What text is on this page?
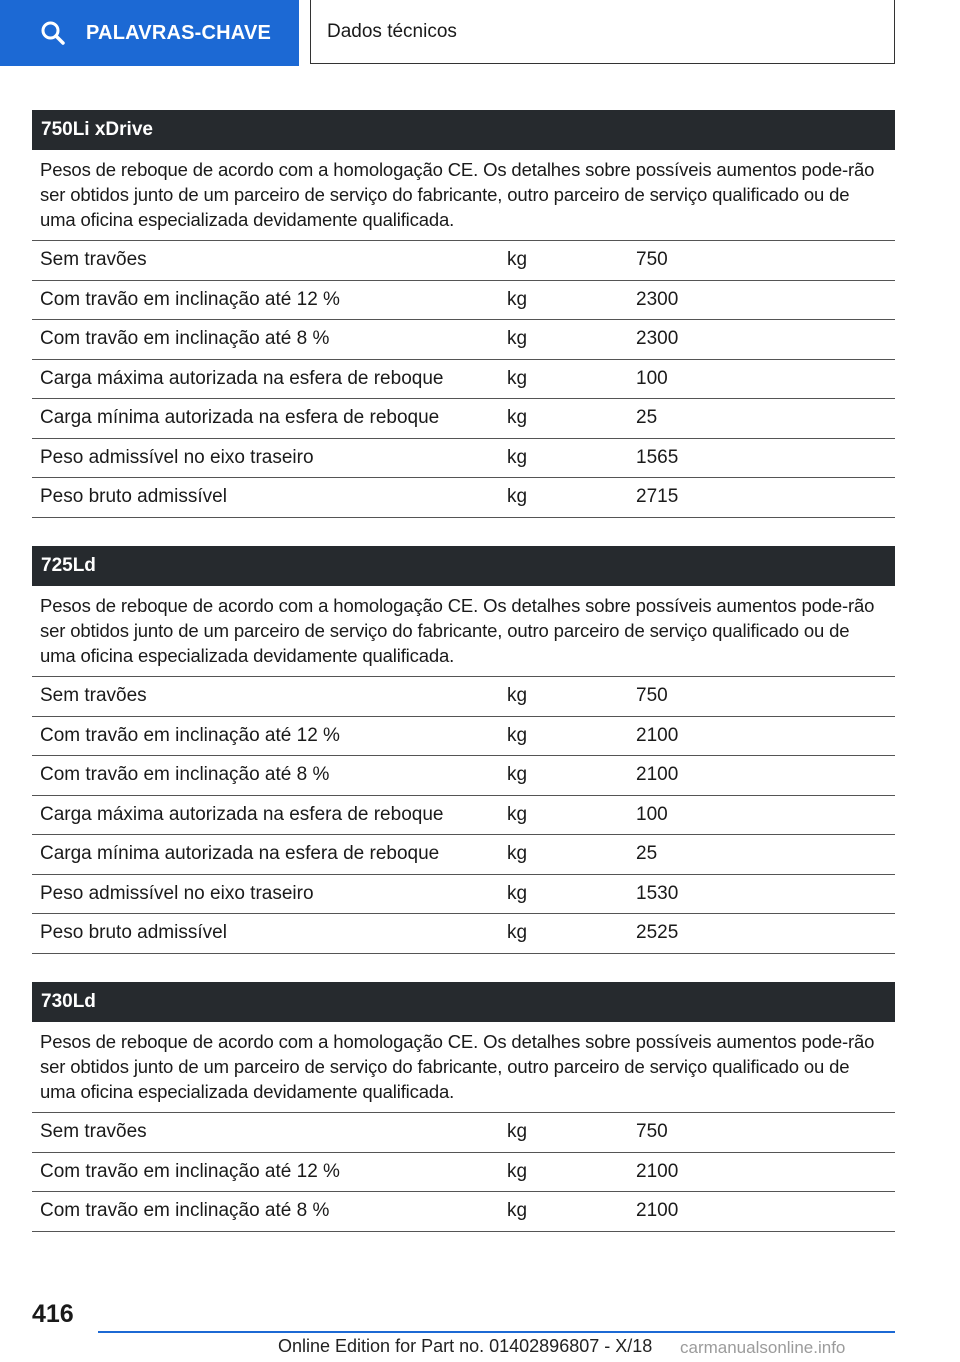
PALAVRAS-CHAVE	Dados técnicos
750Li xDrive
Pesos de reboque de acordo com a homologação CE. Os detalhes sobre possíveis aumentos pode-rão ser obtidos junto de um parceiro de serviço do fabricante, outro parceiro de serviço qualificado ou de uma oficina especializada devidamente qualificada.
Sem travões	kg	750
Com travão em inclinação até 12 %	kg	2300
Com travão em inclinação até 8 %	kg	2300
Carga máxima autorizada na esfera de reboque	kg	100
Carga mínima autorizada na esfera de reboque	kg	25
Peso admissível no eixo traseiro	kg	1565
Peso bruto admissível	kg	2715
725Ld
Pesos de reboque de acordo com a homologação CE. Os detalhes sobre possíveis aumentos pode-rão ser obtidos junto de um parceiro de serviço do fabricante, outro parceiro de serviço qualificado ou de uma oficina especializada devidamente qualificada.
Sem travões	kg	750
Com travão em inclinação até 12 %	kg	2100
Com travão em inclinação até 8 %	kg	2100
Carga máxima autorizada na esfera de reboque	kg	100
Carga mínima autorizada na esfera de reboque	kg	25
Peso admissível no eixo traseiro	kg	1530
Peso bruto admissível	kg	2525
730Ld
Pesos de reboque de acordo com a homologação CE. Os detalhes sobre possíveis aumentos pode-rão ser obtidos junto de um parceiro de serviço do fabricante, outro parceiro de serviço qualificado ou de uma oficina especializada devidamente qualificada.
Sem travões	kg	750
Com travão em inclinação até 12 %	kg	2100
Com travão em inclinação até 8 %	kg	2100
416
Online Edition for Part no. 01402896807 - X/18 carmanualsonline.info
